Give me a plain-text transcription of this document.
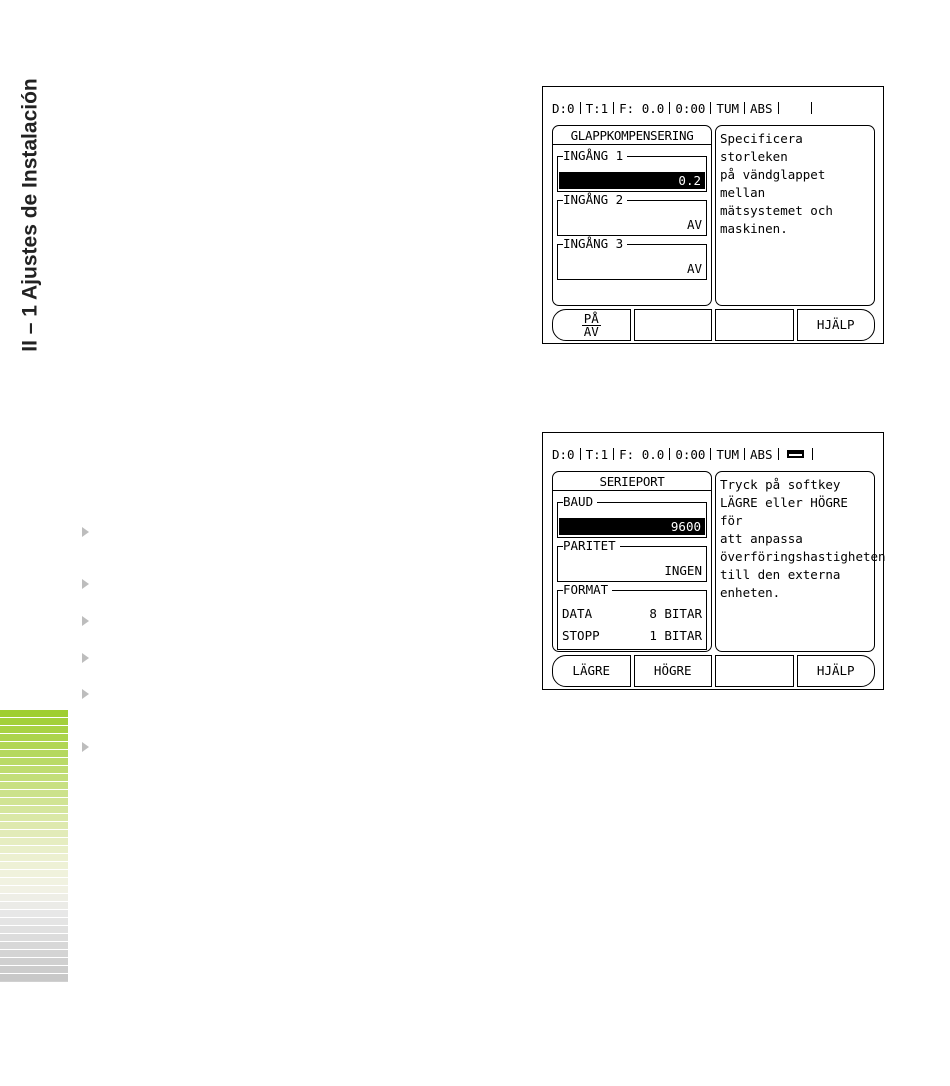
II – 1 Ajustes de Instalación	D:0 T:1 F: 0.0 0:00 TUM ABS
GLAPPKOMPENSERING
INGÅNG 1
0.2
INGÅNG 2
AV
INGÅNG 3
AV
Specificera storleken
på vändglappet mellan
mätsystemet och
maskinen.
PÅ
AV	HJÄLP
D:0 T:1 F: 0.0 0:00 TUM ABS
SERIEPORT
BAUD
9600
PARITET
INGEN
FORMAT
DATA	8 BITAR
STOPP	1 BITAR
Tryck på softkey
LÄGRE eller HÖGRE för
att anpassa
överföringshastigheten
till den externa
enheten.
LÄGRE	HÖGRE	HJÄLP
